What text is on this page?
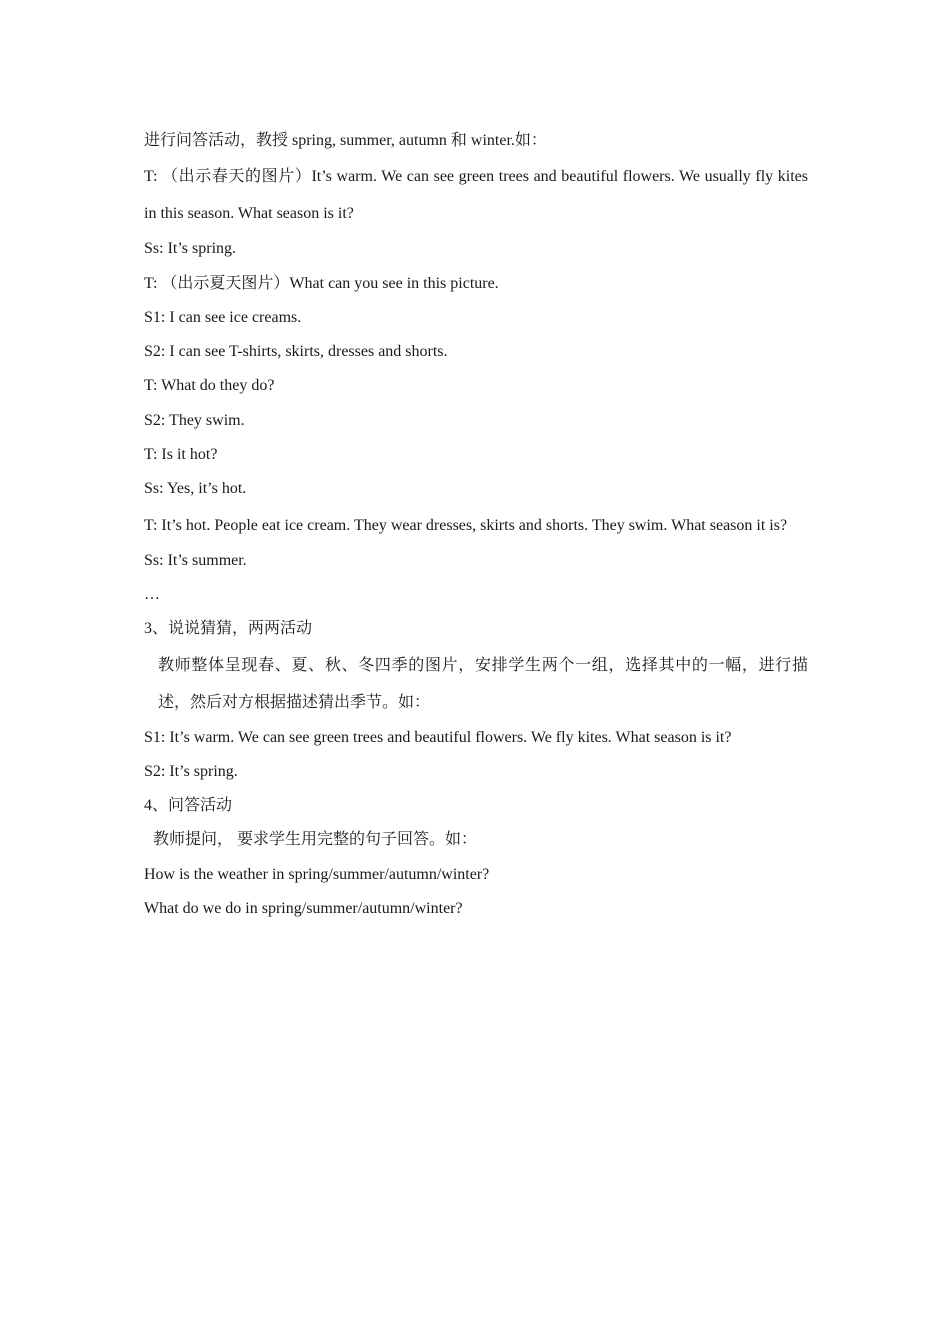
进行问答活动，教授 spring, summer, autumn 和 winter.如：
T: （出示春天的图片）It’s warm. We can see green trees and beautiful flowers. We usually fly kites in this season. What season is it?
Ss: It’s spring.
T: （出示夏天图片）What can you see in this picture.
S1: I can see ice creams.
S2: I can see T-shirts, skirts, dresses and shorts.
T: What do they do?
S2: They swim.
T: Is it hot?
Ss: Yes, it’s hot.
T: It’s hot. People eat ice cream. They wear dresses, skirts and shorts. They swim. What season it is?
Ss: It’s summer.
…
3、说说猜猜，两两活动
教师整体呈现春、夏、秋、冬四季的图片，安排学生两个一组，选择其中的一幅，进行描述，然后对方根据描述猜出季节。如：
S1: It’s warm. We can see green trees and beautiful flowers. We fly kites. What season is it?
S2: It’s spring.
4、问答活动
教师提问， 要求学生用完整的句子回答。如：
How is the weather in spring/summer/autumn/winter?
What do we do in spring/summer/autumn/winter?
